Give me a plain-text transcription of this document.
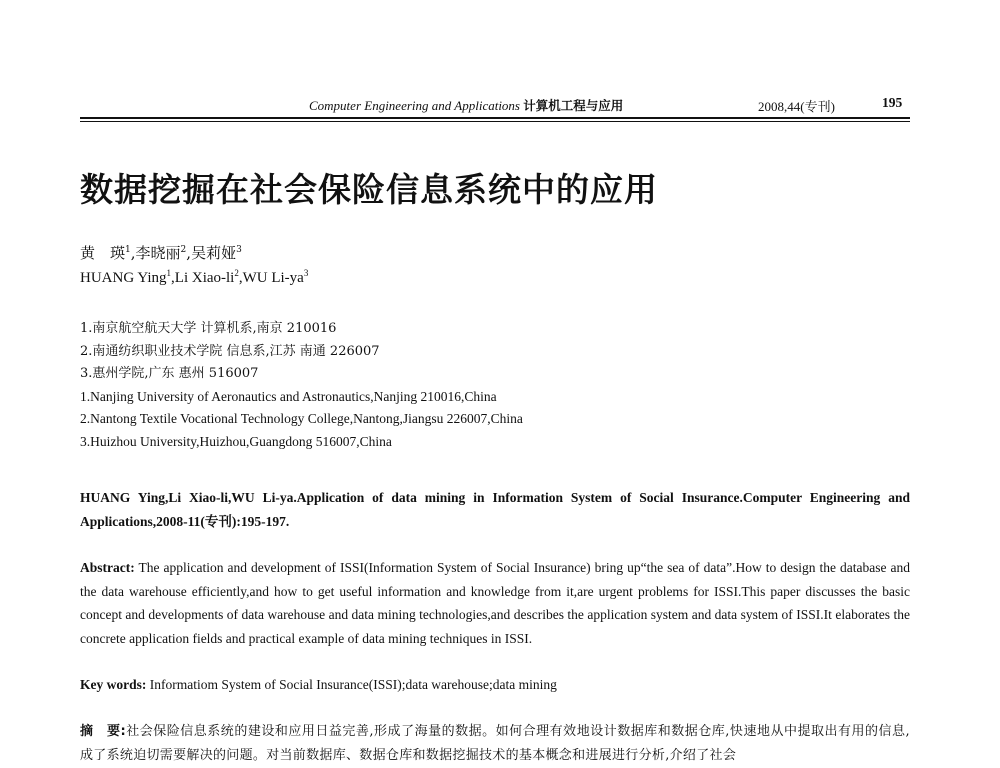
Computer Engineering and Applications 计算机工程与应用	2008,44(专刊)	195
数据挖掘在社会保险信息系统中的应用
黄　瑛$^1$,李晓丽$^2$,吴莉娅$^3$
HUANG Ying$^1$,Li Xiao-$li^2,WU$ $Li-ya^3$
1.南京航空航天大学 计算机系,南京 210016
2.南通纺织职业技术学院 信息系,江苏 南通 226007
3.惠州学院,广东 惠州 516007
1.Nanjing University of Aeronautics and Astronautics,Nanjing 210016,China
2.Nantong Textile Vocational Technology College,Nantong,Jiangsu 226007,China
3.Huizhou University,Huizhou,Guangdong 516007,China
HUANG Ying,Li Xiao-li,WU Li-ya.Application of data mining in Information System of Social Insurance.Computer Engineering and Applications,2008-11(专刊):195-197.
Abstract: The application and development of ISSI(Information System of Social Insurance) bring up“the sea of data”.How to design the database and the data warehouse efficiently,and how to get useful information and knowledge from it,are urgent problems for ISSI.This paper discusses the basic concept and developments of data warehouse and data mining technologies,and describes the application system and data system of ISSI.It elaborates the concrete application fields and practical example of data mining techniques in ISSI.
Key words: Informatiom System of Social Insurance(ISSI);data warehouse;data mining
摘　要:社会保险信息系统的建设和应用日益完善,形成了海量的数据。如何合理有效地设计数据库和数据仓库,快速地从中提取出有用的信息,成了系统迫切需要解决的问题。对当前数据库、数据仓库和数据挖掘技术的基本概念和进展进行分析,介绍了社会
